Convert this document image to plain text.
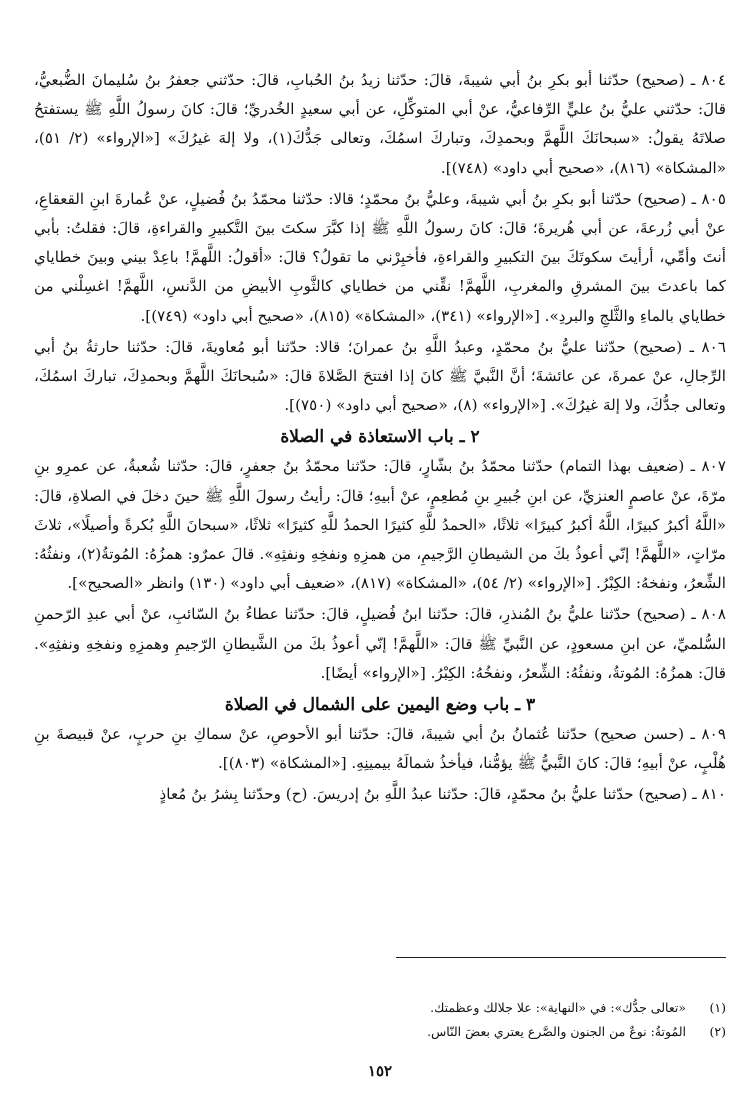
٨٠٤ ـ (صحيح) حدّثنا أبو بكرِ بنُ أبي شيبةَ، قالَ: حدّثنا زيدُ بنُ الحُبابِ، قالَ: حدّثني جعفرُ بنُ سُليمانَ الضُّبعيُّ، قالَ: حدّثني عليُّ بنُ عليٍّ الرِّفاعيُّ، عنْ أبي المتوكِّلِ، عن أبي سعيدٍ الخُدريِّ؛ قالَ: كانَ رسولُ اللَّهِ ﷺ يستفتحُ صلاتَهُ يقولُ: «سبحانَكَ اللَّهمَّ وبحمدِكَ، وتباركَ اسمُكَ، وتعالى جَدُّكَ(١)، ولا إلهَ غيرُكَ» [«الإرواء» (٢/ ٥١)، «المشكاة» (٨١٦)، «صحيح أبي داود» (٧٤٨)].

٨٠٥ ـ (صحيح) حدّثنا أبو بكرِ بنُ أبي شيبةَ، وعليُّ بنُ محمّدٍ؛ قالا: حدّثنا محمّدُ بنُ فُضيلٍ، عنْ عُمارةَ ابنِ القعقاعِ، عنْ أبي زُرعةَ، عن أبي هُريرةَ؛ قالَ: كانَ رسولُ اللَّهِ ﷺ إذا كبَّرَ سكتَ بينَ التَّكبيرِ والقراءةِ، قالَ: فقلتُ: بأبي أنتَ وأمِّي، أرأيتَ سكوتَكَ بينَ التكبيرِ والقراءةِ، فأخبِرْني ما تقولُ؟ قالَ: «أقولُ: اللَّهمَّ! باعِدْ بيني وبينَ خطاياي كما باعدتَ بينَ المشرقِ والمغربِ، اللَّهمَّ! نقِّني من خطاياي كالثَّوبِ الأبيضِ من الدَّنسِ، اللَّهمَّ! اغسِلْني من خطاياي بالماءِ والثَّلجِ والبردِ». [«الإرواء» (٣٤١)، «المشكاة» (٨١٥)، «صحيح أبي داود» (٧٤٩)].

٨٠٦ ـ (صحيح) حدّثنا عليُّ بنُ محمّدٍ، وعبدُ اللَّهِ بنُ عمرانَ؛ قالا: حدّثنا أبو مُعاويةَ، قالَ: حدّثنا حارثةُ بنُ أبي الرِّجالِ، عنْ عمرةَ، عن عائشةَ؛ أنَّ النَّبيَّ ﷺ كانَ إذا افتتحَ الصَّلاةَ قالَ: «سُبحانَكَ اللَّهمَّ وبحمدِكَ، تباركَ اسمُكَ، وتعالى جدُّكَ، ولا إلهَ غيرُكَ». [«الإرواء» (٨)، «صحيح أبي داود» (٧٥٠)].

٢ ـ باب الاستعاذة في الصلاة

٨٠٧ ـ (ضعيف بهذا التمام) حدّثنا محمّدُ بنُ بشّارٍ، قالَ: حدّثنا محمّدُ بنُ جعفرٍ، قالَ: حدّثنا شُعبةُ، عن عمرِو بنِ مرّةَ، عنْ عاصمٍ العنزيِّ، عن ابنِ جُبيرِ بنِ مُطعِمٍ، عنْ أبيهِ؛ قالَ: رأيتُ رسولَ اللَّهِ ﷺ حينَ دخلَ في الصلاةِ، قالَ: «اللَّهُ أكبرُ كبيرًا، اللَّهُ أكبرُ كبيرًا» ثلاثًا، «الحمدُ للَّهِ كثيرًا الحمدُ للَّهِ كثيرًا» ثلاثًا، «سبحانَ اللَّهِ بُكرةً وأصيلًا»، ثلاثَ مرّاتٍ، «اللَّهمَّ! إنّي أعوذُ بكَ من الشيطانِ الرَّجيمِ، من همزِهِ ونفخِهِ ونفثِهِ». قالَ عمرٌو: همزُهُ: المُوتةُ(٢)، ونفثُهُ: الشِّعرُ، ونفخهُ: الكِبْرُ. [«الإرواء» (٢/ ٥٤)، «المشكاة» (٨١٧)، «ضعيف أبي داود» (١٣٠) وانظر «الصحيح»].

٨٠٨ ـ (صحيح) حدّثنا عليُّ بنُ المُنذرِ، قالَ: حدّثنا ابنُ فُضيلٍ، قالَ: حدّثنا عطاءُ بنُ السّائبِ، عنْ أبي عبدِ الرّحمنِ السُّلميِّ، عن ابنِ مسعودٍ، عن النَّبيِّ ﷺ قالَ: «اللَّهمَّ! إنّي أعوذُ بكَ من الشَّيطانِ الرّجيمِ وهمزِهِ ونفخِهِ ونفثِهِ». قالَ: همزُهُ: المُوتةُ، ونفثُهُ: الشِّعرُ، ونفخُهُ: الكِبْرُ. [«الإرواء» أيضًا].

٣ ـ باب وضع اليمين على الشمال في الصلاة

٨٠٩ ـ (حسن صحيح) حدّثنا عُثمانُ بنُ أبي شيبةَ، قالَ: حدّثنا أبو الأحوصِ، عنْ سماكِ بنِ حربٍ، عنْ قبيصةَ بنِ هُلْبٍ، عنْ أبيهِ؛ قالَ: كانَ النَّبيُّ ﷺ يؤمُّنا، فيأخذُ شمالَهُ بيمينِهِ. [«المشكاة» (٨٠٣)].

٨١٠ ـ (صحيح) حدّثنا عليُّ بنُ محمّدٍ، قالَ: حدّثنا عبدُ اللَّهِ بنُ إدريسَ. (ح) وحدّثنا بِشرُ بنُ مُعاذٍ

(١)
«تعالى جدُّك»: في «النهاية»: علا جلالك وعظمتك.
(٢)
المُوتةُ: نوعٌ من الجنون والصَّرع يعتري بعضَ النّاس.
١٥٢
